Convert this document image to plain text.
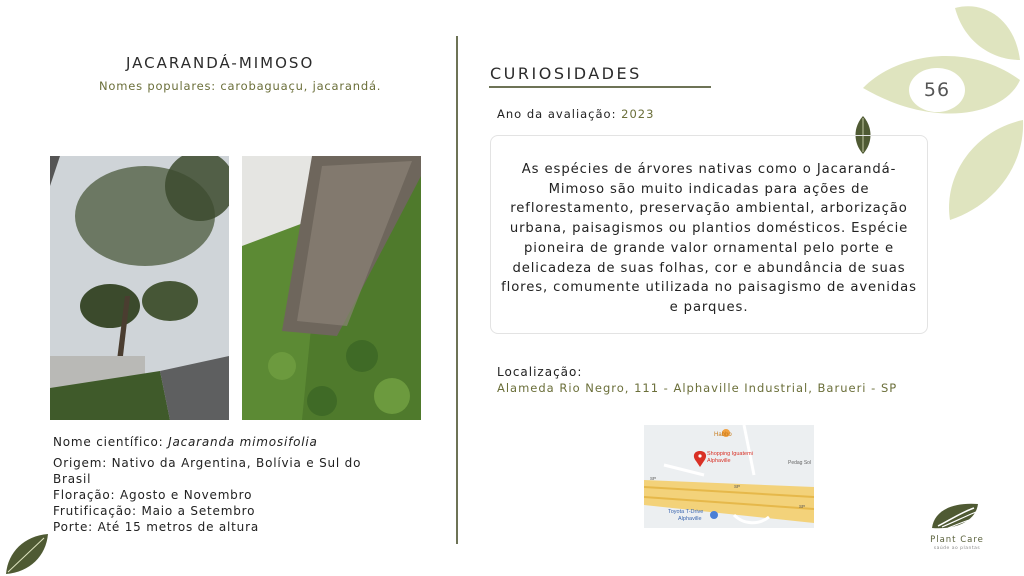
56
JACARANDÁ-MIMOSO
Nomes populares: carobaguaçu, jacarandá.
Nome científico: Jacaranda mimosifolia
Origem: Nativo da Argentina, Bolívia e Sul do Brasil
Floração: Agosto e Novembro
Frutificação: Maio a Setembro
Porte: Até 15 metros de altura
CURIOSIDADES
Ano da avaliação: 2023
As espécies de árvores nativas como o Jacarandá-Mimoso são muito indicadas para ações de reflorestamento, preservação ambiental, arborização urbana, paisagismos ou plantios domésticos. Espécie pioneira de grande valor ornamental pelo porte e delicadeza de suas folhas, cor e abundância de suas flores, comumente utilizada no paisagismo de avenidas e parques.
Localização:
Alameda Rio Negro, 111 - Alphaville Industrial, Barueri - SP
Habbo
Shopping Iguatemi
Alphaville	Pedag Sol
SP
SP
SP
Toyota T-Drive
Alphaville
Plant Care
saúde ao plantas
